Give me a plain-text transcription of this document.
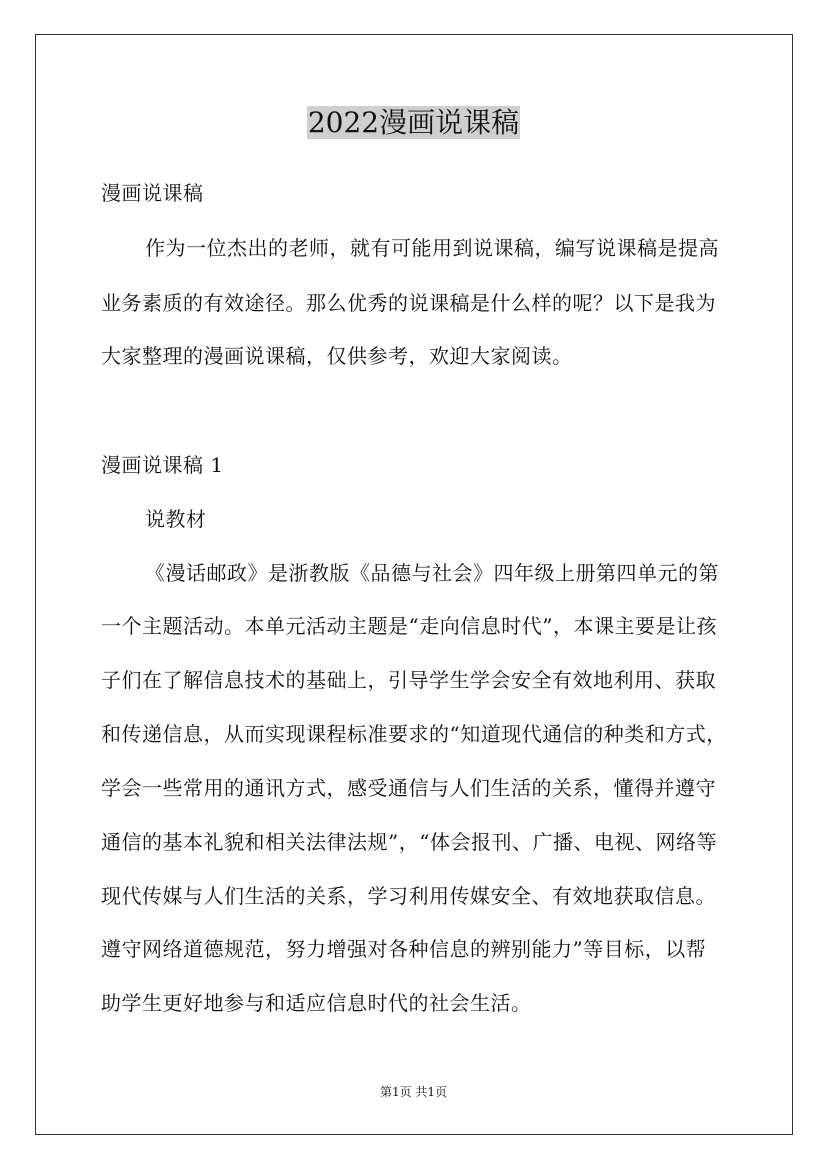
2022漫画说课稿
漫画说课稿
作为一位杰出的老师，就有可能用到说课稿，编写说课稿是提高
业务素质的有效途径。那么优秀的说课稿是什么样的呢？以下是我为
大家整理的漫画说课稿，仅供参考，欢迎大家阅读。
漫画说课稿 1
说教材
《漫话邮政》是浙教版《品德与社会》四年级上册第四单元的第
一个主题活动。本单元活动主题是“走向信息时代”，本课主要是让孩
子们在了解信息技术的基础上，引导学生学会安全有效地利用、获取
和传递信息，从而实现课程标准要求的“知道现代通信的种类和方式，
学会一些常用的通讯方式，感受通信与人们生活的关系，懂得并遵守
通信的基本礼貌和相关法律法规”，“体会报刊、广播、电视、网络等
现代传媒与人们生活的关系，学习利用传媒安全、有效地获取信息。
遵守网络道德规范，努力增强对各种信息的辨别能力”等目标，以帮
助学生更好地参与和适应信息时代的社会生活。
第1页 共1页
